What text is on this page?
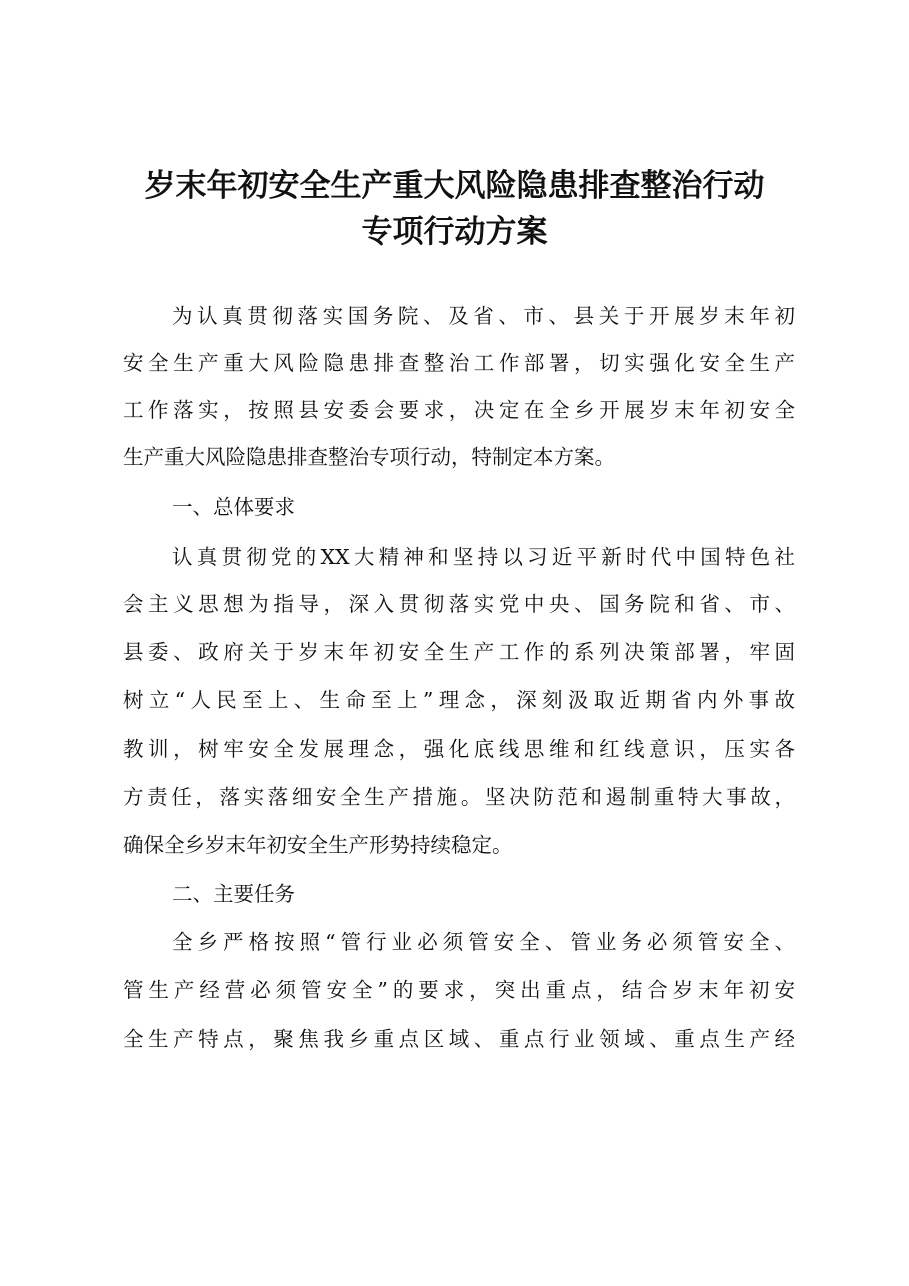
岁末年初安全生产重大风险隐患排查整治行动
专项行动方案
为认真贯彻落实国务院、及省、市、县关于开展岁末年初
安全生产重大风险隐患排查整治工作部署，切实强化安全生产
工作落实，按照县安委会要求，决定在全乡开展岁末年初安全
生产重大风险隐患排查整治专项行动，特制定本方案。
一、总体要求
认真贯彻党的XX大精神和坚持以习近平新时代中国特色社
会主义思想为指导，深入贯彻落实党中央、国务院和省、市、
县委、政府关于岁末年初安全生产工作的系列决策部署，牢固
树立“人民至上、生命至上”理念，深刻汲取近期省内外事故
教训，树牢安全发展理念，强化底线思维和红线意识，压实各
方责任，落实落细安全生产措施。坚决防范和遏制重特大事故，
确保全乡岁末年初安全生产形势持续稳定。
二、主要任务
全乡严格按照“管行业必须管安全、管业务必须管安全、
管生产经营必须管安全”的要求，突出重点，结合岁末年初安
全生产特点，聚焦我乡重点区域、重点行业领域、重点生产经
